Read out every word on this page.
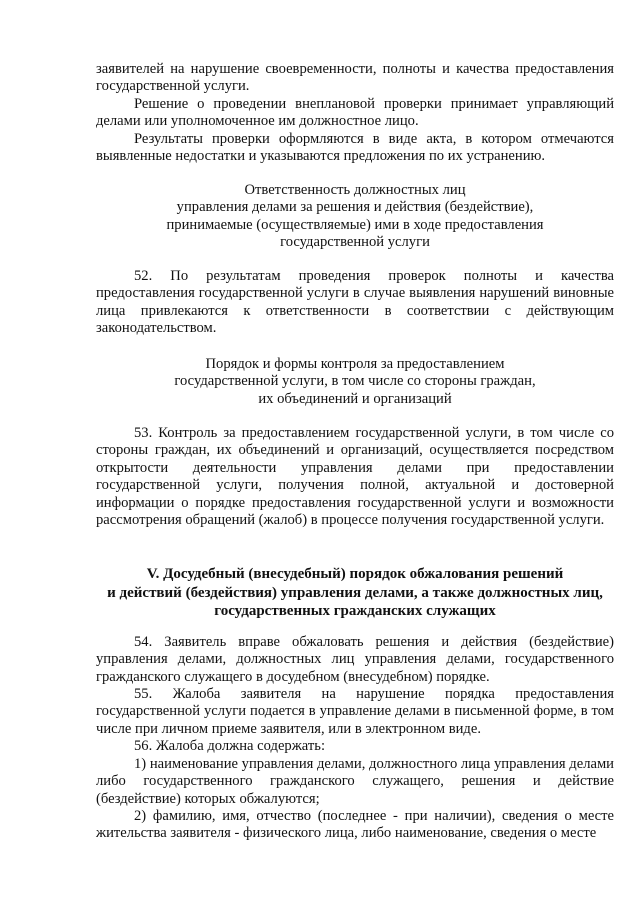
заявителей на нарушение своевременности, полноты и качества предоставления государственной услуги.

Решение о проведении внеплановой проверки принимает управляющий делами или уполномоченное им должностное лицо.

Результаты проверки оформляются в виде акта, в котором отмечаются выявленные недостатки и указываются предложения по их устранению.

Ответственность должностных лиц

управления делами за решения и действия (бездействие),

принимаемые (осуществляемые) ими в ходе предоставления

государственной услуги

52. По результатам проведения проверок полноты и качества предоставления государственной услуги в случае выявления нарушений виновные лица привлекаются к ответственности в соответствии с действующим законодательством.

Порядок и формы контроля за предоставлением

государственной услуги, в том числе со стороны граждан,

их объединений и организаций

53. Контроль за предоставлением государственной услуги, в том числе со стороны граждан, их объединений и организаций, осуществляется посредством открытости деятельности управления делами при предоставлении государственной услуги, получения полной, актуальной и достоверной информации о порядке предоставления государственной услуги и возможности рассмотрения обращений (жалоб) в процессе получения государственной услуги.

V. Досудебный (внесудебный) порядок обжалования решений

и действий (бездействия) управления делами, а также должностных лиц,

государственных гражданских служащих

54. Заявитель вправе обжаловать решения и действия (бездействие) управления делами, должностных лиц управления делами, государственного гражданского служащего в досудебном (внесудебном) порядке.

55. Жалоба заявителя на нарушение порядка предоставления государственной услуги подается в управление делами в письменной форме, в том числе при личном приеме заявителя, или в электронном виде.

56. Жалоба должна содержать:

1) наименование управления делами, должностного лица управления делами либо государственного гражданского служащего, решения и действие (бездействие) которых обжалуются;

2) фамилию, имя, отчество (последнее - при наличии), сведения о месте жительства заявителя - физического лица, либо наименование, сведения о месте
